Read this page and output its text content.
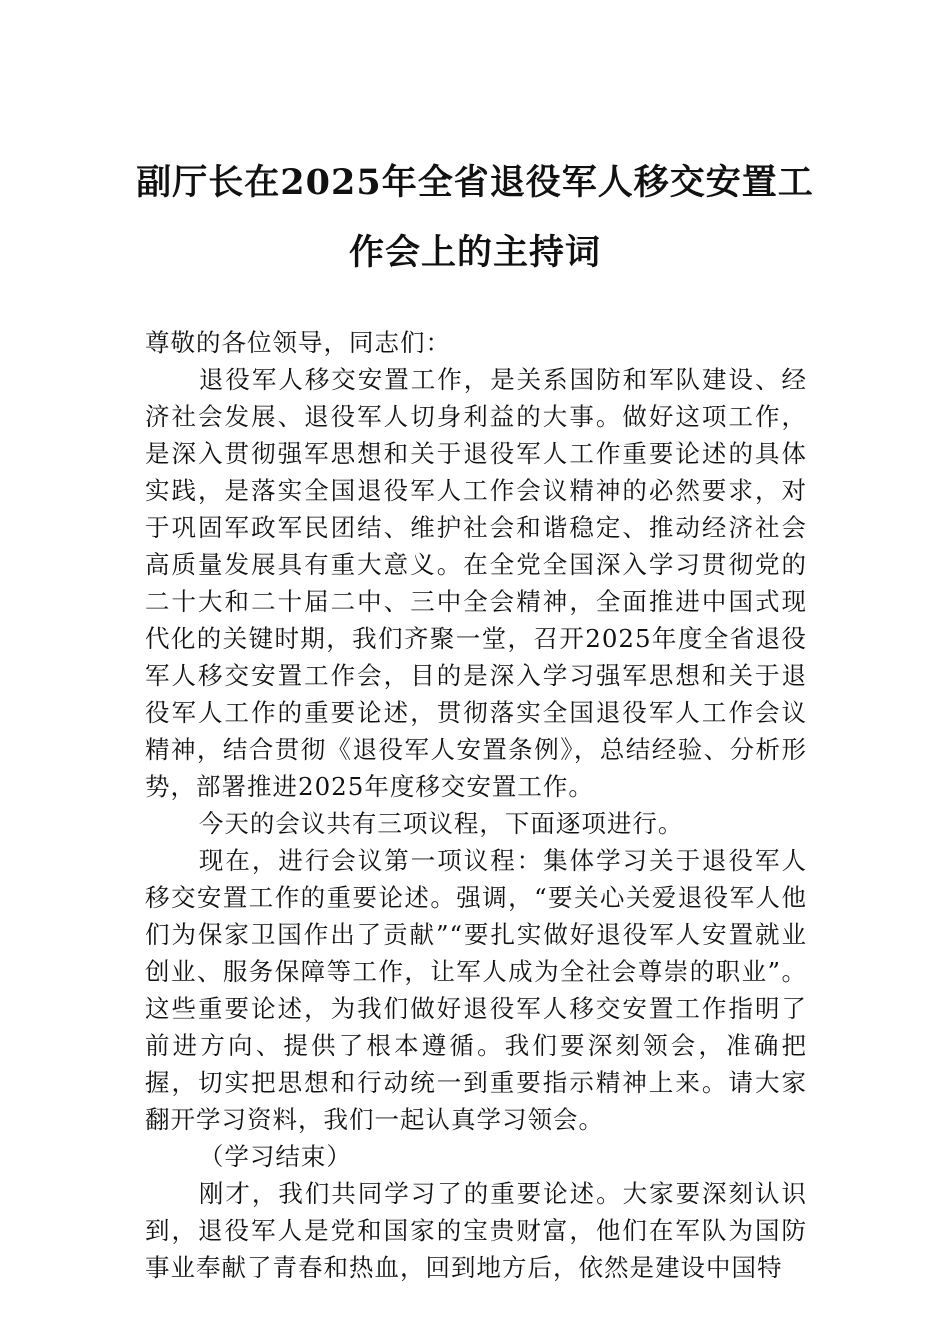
副厅长在2025年全省退役军人移交安置工
作会上的主持词

尊敬的各位领导，同志们：

退役军人移交安置工作，是关系国防和军队建设、经济社会发展、退役军人切身利益的大事。做好这项工作，是深入贯彻强军思想和关于退役军人工作重要论述的具体实践，是落实全国退役军人工作会议精神的必然要求，对于巩固军政军民团结、维护社会和谐稳定、推动经济社会高质量发展具有重大意义。在全党全国深入学习贯彻党的二十大和二十届二中、三中全会精神，全面推进中国式现代化的关键时期，我们齐聚一堂，召开2025年度全省退役军人移交安置工作会，目的是深入学习强军思想和关于退役军人工作的重要论述，贯彻落实全国退役军人工作会议精神，结合贯彻《退役军人安置条例》，总结经验、分析形势，部署推进2025年度移交安置工作。

今天的会议共有三项议程，下面逐项进行。

现在，进行会议第一项议程：集体学习关于退役军人移交安置工作的重要论述。强调，“要关心关爱退役军人他们为保家卫国作出了贡献”“要扎实做好退役军人安置就业创业、服务保障等工作，让军人成为全社会尊崇的职业”。这些重要论述，为我们做好退役军人移交安置工作指明了前进方向、提供了根本遵循。我们要深刻领会，准确把握，切实把思想和行动统一到重要指示精神上来。请大家翻开学习资料，我们一起认真学习领会。

（学习结束）

刚才，我们共同学习了的重要论述。大家要深刻认识到，退役军人是党和国家的宝贵财富，他们在军队为国防事业奉献了青春和热血，回到地方后，依然是建设中国特
